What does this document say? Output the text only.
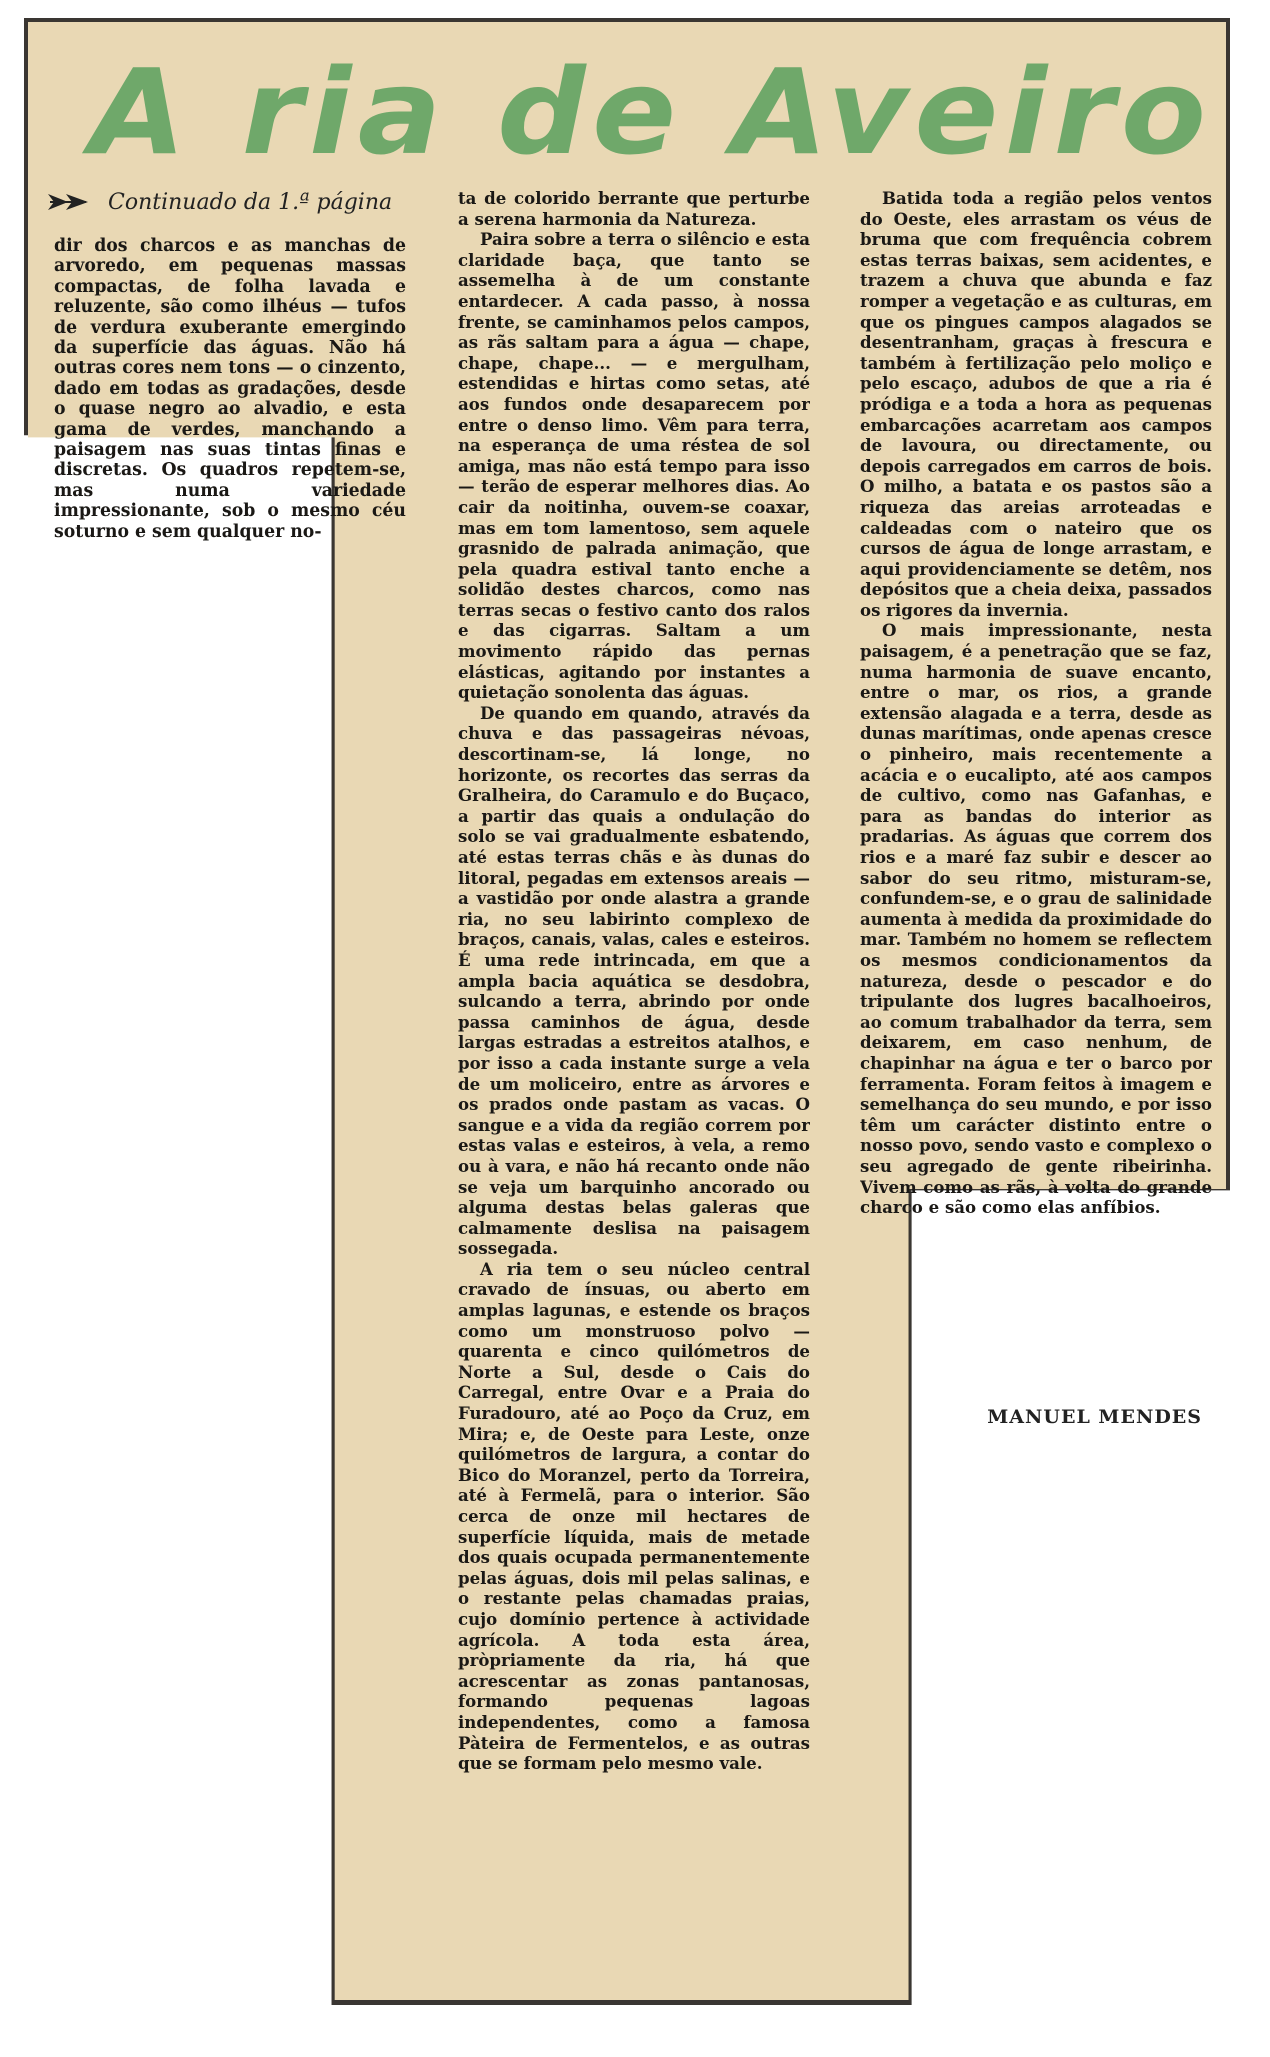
A ria de Aveiro
Continuado da 1.ª página

dir dos charcos e as manchas de arvoredo, em pequenas massas compactas, de folha lavada e reluzente, são como ilhéus — tufos de verdura exuberante emergindo da superfície das águas. Não há outras cores nem tons — o cinzento, dado em todas as gradações, desde o quase negro ao alvadio, e esta gama de verdes, manchando a paisagem nas suas tintas finas e discretas. Os quadros repetem-se, mas numa variedade impressionante, sob o mesmo céu soturno e sem qualquer no-

ta de colorido berrante que perturbe a serena harmonia da Natureza.

Paira sobre a terra o silêncio e esta claridade baça, que tanto se assemelha à de um constante entardecer. A cada passo, à nossa frente, se caminhamos pelos campos, as rãs saltam para a água — chape, chape, chape... — e mergulham, estendidas e hirtas como setas, até aos fundos onde desaparecem por entre o denso limo. Vêm para terra, na esperança de uma réstea de sol amiga, mas não está tempo para isso — terão de esperar melhores dias. Ao cair da noitinha, ouvem-se coaxar, mas em tom lamentoso, sem aquele grasnido de palrada animação, que pela quadra estival tanto enche a solidão destes charcos, como nas terras secas o festivo canto dos ralos e das cigarras. Saltam a um movimento rápido das pernas elásticas, agitando por instantes a quietação sonolenta das águas.

De quando em quando, através da chuva e das passageiras névoas, descortinam-se, lá longe, no horizonte, os recortes das serras da Gralheira, do Caramulo e do Buçaco, a partir das quais a ondulação do solo se vai gradualmente esbatendo, até estas terras chãs e às dunas do litoral, pegadas em extensos areais — a vastidão por onde alastra a grande ria, no seu labirinto complexo de braços, canais, valas, cales e esteiros. É uma rede intrincada, em que a ampla bacia aquática se desdobra, sulcando a terra, abrindo por onde passa caminhos de água, desde largas estradas a estreitos atalhos, e por isso a cada instante surge a vela de um moliceiro, entre as árvores e os prados onde pastam as vacas. O sangue e a vida da região correm por estas valas e esteiros, à vela, a remo ou à vara, e não há recanto onde não se veja um barquinho ancorado ou alguma destas belas galeras que calmamente deslisa na paisagem sossegada.

A ria tem o seu núcleo central cravado de ínsuas, ou aberto em amplas lagunas, e estende os braços como um monstruoso polvo — quarenta e cinco quilómetros de Norte a Sul, desde o Cais do Carregal, entre Ovar e a Praia do Furadouro, até ao Poço da Cruz, em Mira; e, de Oeste para Leste, onze quilómetros de largura, a contar do Bico do Moranzel, perto da Torreira, até à Fermelã, para o interior. São cerca de onze mil hectares de superfície líquida, mais de metade dos quais ocupada permanentemente pelas águas, dois mil pelas salinas, e o restante pelas chamadas praias, cujo domínio pertence à actividade agrícola. A toda esta área, pròpriamente da ria, há que acrescentar as zonas pantanosas, formando pequenas lagoas independentes, como a famosa Pàteira de Fermentelos, e as outras que se formam pelo mesmo vale.

Batida toda a região pelos ventos do Oeste, eles arrastam os véus de bruma que com frequência cobrem estas terras baixas, sem acidentes, e trazem a chuva que abunda e faz romper a vegetação e as culturas, em que os pingues campos alagados se desentranham, graças à frescura e também à fertilização pelo moliço e pelo escaço, adubos de que a ria é pródiga e a toda a hora as pequenas embarcações acarretam aos campos de lavoura, ou directamente, ou depois carregados em carros de bois. O milho, a batata e os pastos são a riqueza das areias arroteadas e caldeadas com o nateiro que os cursos de água de longe arrastam, e aqui providenciamente se detêm, nos depósitos que a cheia deixa, passados os rigores da invernia.

O mais impressionante, nesta paisagem, é a penetração que se faz, numa harmonia de suave encanto, entre o mar, os rios, a grande extensão alagada e a terra, desde as dunas marítimas, onde apenas cresce o pinheiro, mais recentemente a acácia e o eucalipto, até aos campos de cultivo, como nas Gafanhas, e para as bandas do interior as pradarias. As águas que correm dos rios e a maré faz subir e descer ao sabor do seu ritmo, misturam-se, confundem-se, e o grau de salinidade aumenta à medida da proximidade do mar. Também no homem se reflectem os mesmos condicionamentos da natureza, desde o pescador e do tripulante dos lugres bacalhoeiros, ao comum trabalhador da terra, sem deixarem, em caso nenhum, de chapinhar na água e ter o barco por ferramenta. Foram feitos à imagem e semelhança do seu mundo, e por isso têm um carácter distinto entre o nosso povo, sendo vasto e complexo o seu agregado de gente ribeirinha. Vivem como as rãs, à volta do grande charco e são como elas anfíbios.

MANUEL MENDES
